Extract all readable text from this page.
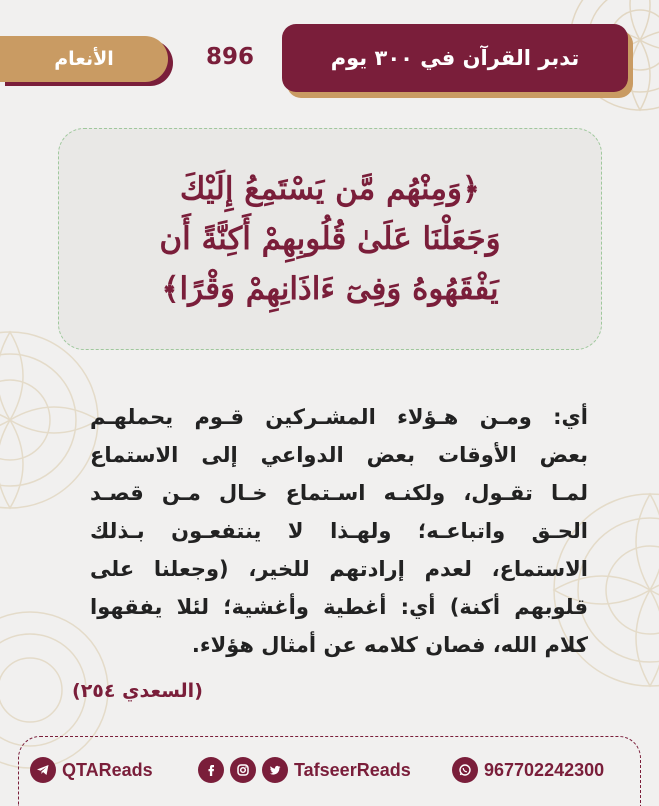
تدبر القرآن في ٣٠٠ يوم
896
الأنعام
﴿وَمِنْهُم مَّن يَسْتَمِعُ إِلَيْكَ
وَجَعَلْنَا عَلَىٰ قُلُوبِهِمْ أَكِنَّةً أَن
يَفْقَهُوهُ وَفِىٓ ءَاذَانِهِمْ وَقْرًا﴾
أي: ومـن هـؤلاء المشـركين قـوم يحملهـم
بعض الأوقات بعض الدواعي إلى الاستماع
لمـا تقـول، ولكنـه اسـتماع خـال مـن قصـد
الحـق واتباعـه؛ ولهـذا لا ينتفعـون بـذلك
الاستماع، لعدم إرادتهم للخير، (وجعلنا على
قلوبهم أكنة) أي: أغطية وأغشية؛ لئلا يفقهوا
كلام الله، فصان كلامه عن أمثال هؤلاء.
(السعدي ٢٥٤)
QTAReads	TafseerReads	967702242300
